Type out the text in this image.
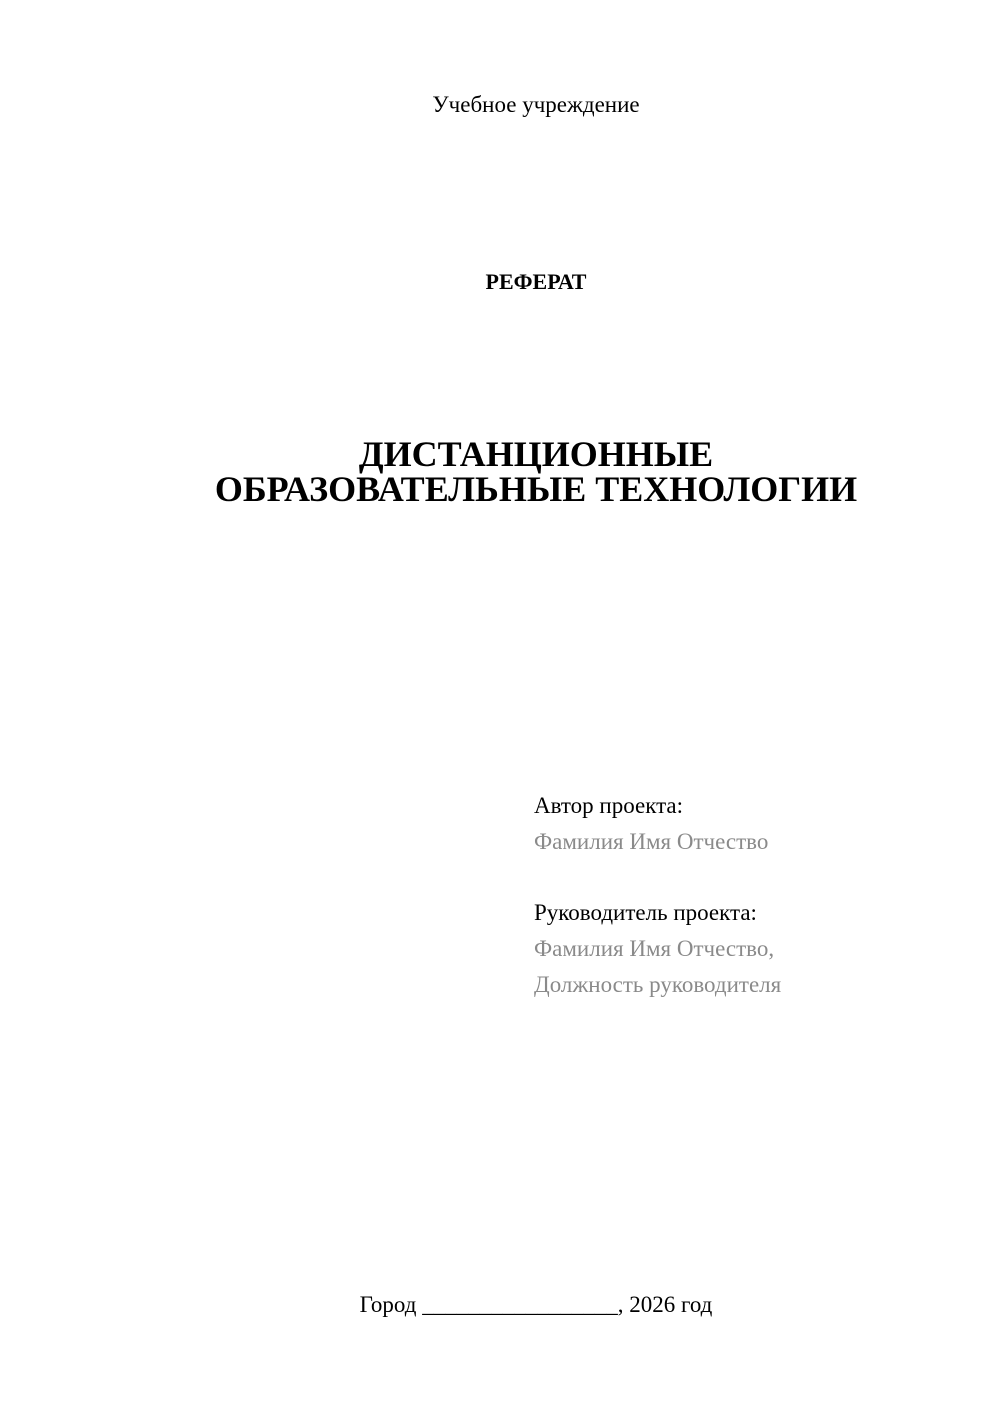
Учебное учреждение
РЕФЕРАТ
ДИСТАНЦИОННЫЕ
ОБРАЗОВАТЕЛЬНЫЕ ТЕХНОЛОГИИ
Автор проекта:
Фамилия Имя Отчество
Руководитель проекта:
Фамилия Имя Отчество,
Должность руководителя
Город _________________, 2026 год
